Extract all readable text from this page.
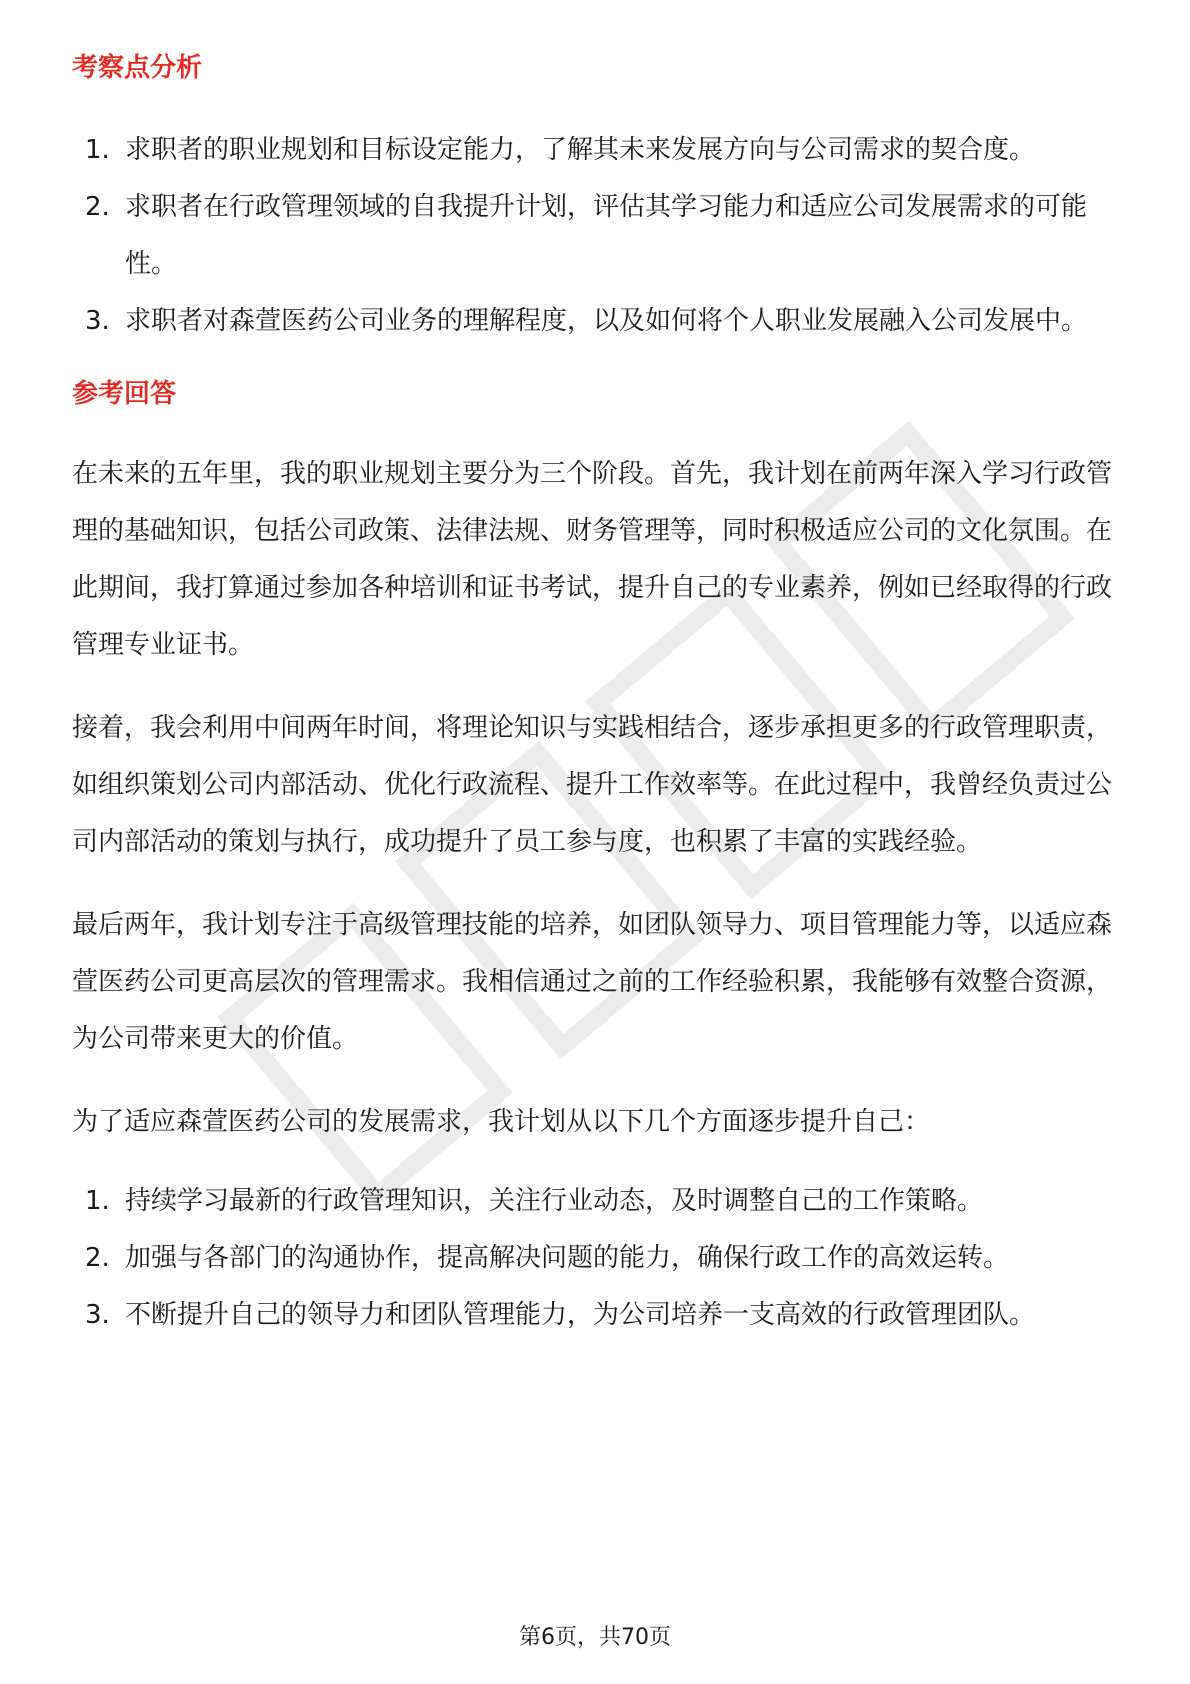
考察点分析
1. 求职者的职业规划和目标设定能力，了解其未来发展方向与公司需求的契合度。
2. 求职者在行政管理领域的自我提升计划，评估其学习能力和适应公司发展需求的可能性。
3. 求职者对森萱医药公司业务的理解程度，以及如何将个人职业发展融入公司发展中。
参考回答

在未来的五年里，我的职业规划主要分为三个阶段。首先，我计划在前两年深入学习行政管理的基础知识，包括公司政策、法律法规、财务管理等，同时积极适应公司的文化氛围。在此期间，我打算通过参加各种培训和证书考试，提升自己的专业素养，例如已经取得的行政管理专业证书。

接着，我会利用中间两年时间，将理论知识与实践相结合，逐步承担更多的行政管理职责，如组织策划公司内部活动、优化行政流程、提升工作效率等。在此过程中，我曾经负责过公司内部活动的策划与执行，成功提升了员工参与度，也积累了丰富的实践经验。

最后两年，我计划专注于高级管理技能的培养，如团队领导力、项目管理能力等，以适应森萱医药公司更高层次的管理需求。我相信通过之前的工作经验积累，我能够有效整合资源，为公司带来更大的价值。

为了适应森萱医药公司的发展需求，我计划从以下几个方面逐步提升自己：

1. 持续学习最新的行政管理知识，关注行业动态，及时调整自己的工作策略。
2. 加强与各部门的沟通协作，提高解决问题的能力，确保行政工作的高效运转。
3. 不断提升自己的领导力和团队管理能力，为公司培养一支高效的行政管理团队。
第6页，共70页
